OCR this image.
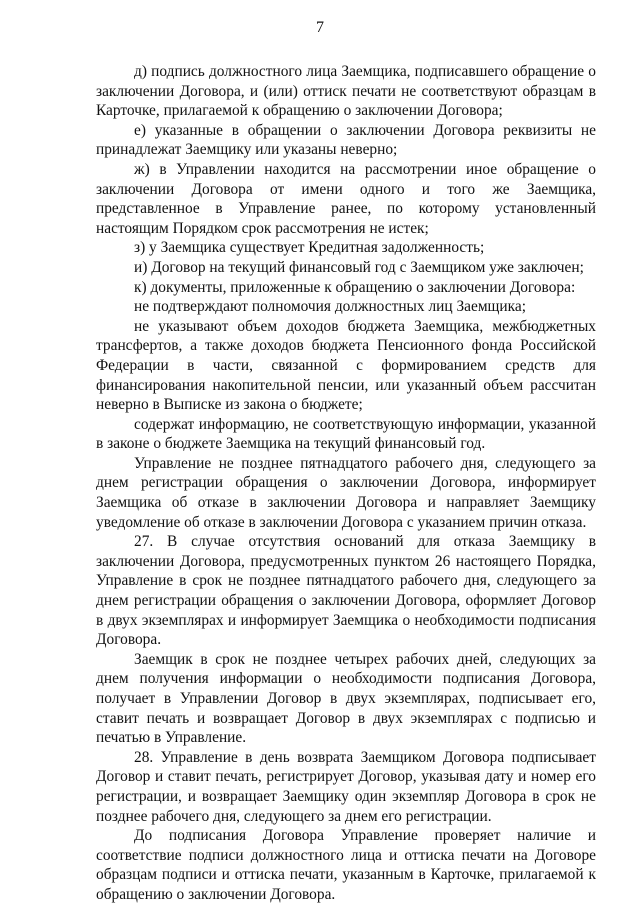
7

д) подпись должностного лица Заемщика, подписавшего обращение о заключении Договора, и (или) оттиск печати не соответствуют образцам в Карточке, прилагаемой к обращению о заключении Договора;

е) указанные в обращении о заключении Договора реквизиты не принадлежат Заемщику или указаны неверно;

ж) в Управлении находится на рассмотрении иное обращение о заключении Договора от имени одного и того же Заемщика, представленное в Управление ранее, по которому установленный настоящим Порядком срок рассмотрения не истек;

з) у Заемщика существует Кредитная задолженность;

и) Договор на текущий финансовый год с Заемщиком уже заключен;

к) документы, приложенные к обращению о заключении Договора:

не подтверждают полномочия должностных лиц Заемщика;

не указывают объем доходов бюджета Заемщика, межбюджетных трансфертов, а также доходов бюджета Пенсионного фонда Российской Федерации в части, связанной с формированием средств для финансирования накопительной пенсии, или указанный объем рассчитан неверно в Выписке из закона о бюджете;

содержат информацию, не соответствующую информации, указанной в законе о бюджете Заемщика на текущий финансовый год.

Управление не позднее пятнадцатого рабочего дня, следующего за днем регистрации обращения о заключении Договора, информирует Заемщика об отказе в заключении Договора и направляет Заемщику уведомление об отказе в заключении Договора с указанием причин отказа.

27. В случае отсутствия оснований для отказа Заемщику в заключении Договора, предусмотренных пунктом 26 настоящего Порядка, Управление в срок не позднее пятнадцатого рабочего дня, следующего за днем регистрации обращения о заключении Договора, оформляет Договор в двух экземплярах и информирует Заемщика о необходимости подписания Договора.

Заемщик в срок не позднее четырех рабочих дней, следующих за днем получения информации о необходимости подписания Договора, получает в Управлении Договор в двух экземплярах, подписывает его, ставит печать и возвращает Договор в двух экземплярах с подписью и печатью в Управление.

28. Управление в день возврата Заемщиком Договора подписывает Договор и ставит печать, регистрирует Договор, указывая дату и номер его регистрации, и возвращает Заемщику один экземпляр Договора в срок не позднее рабочего дня, следующего за днем его регистрации.

До подписания Договора Управление проверяет наличие и соответствие подписи должностного лица и оттиска печати на Договоре образцам подписи и оттиска печати, указанным в Карточке, прилагаемой к обращению о заключении Договора.
